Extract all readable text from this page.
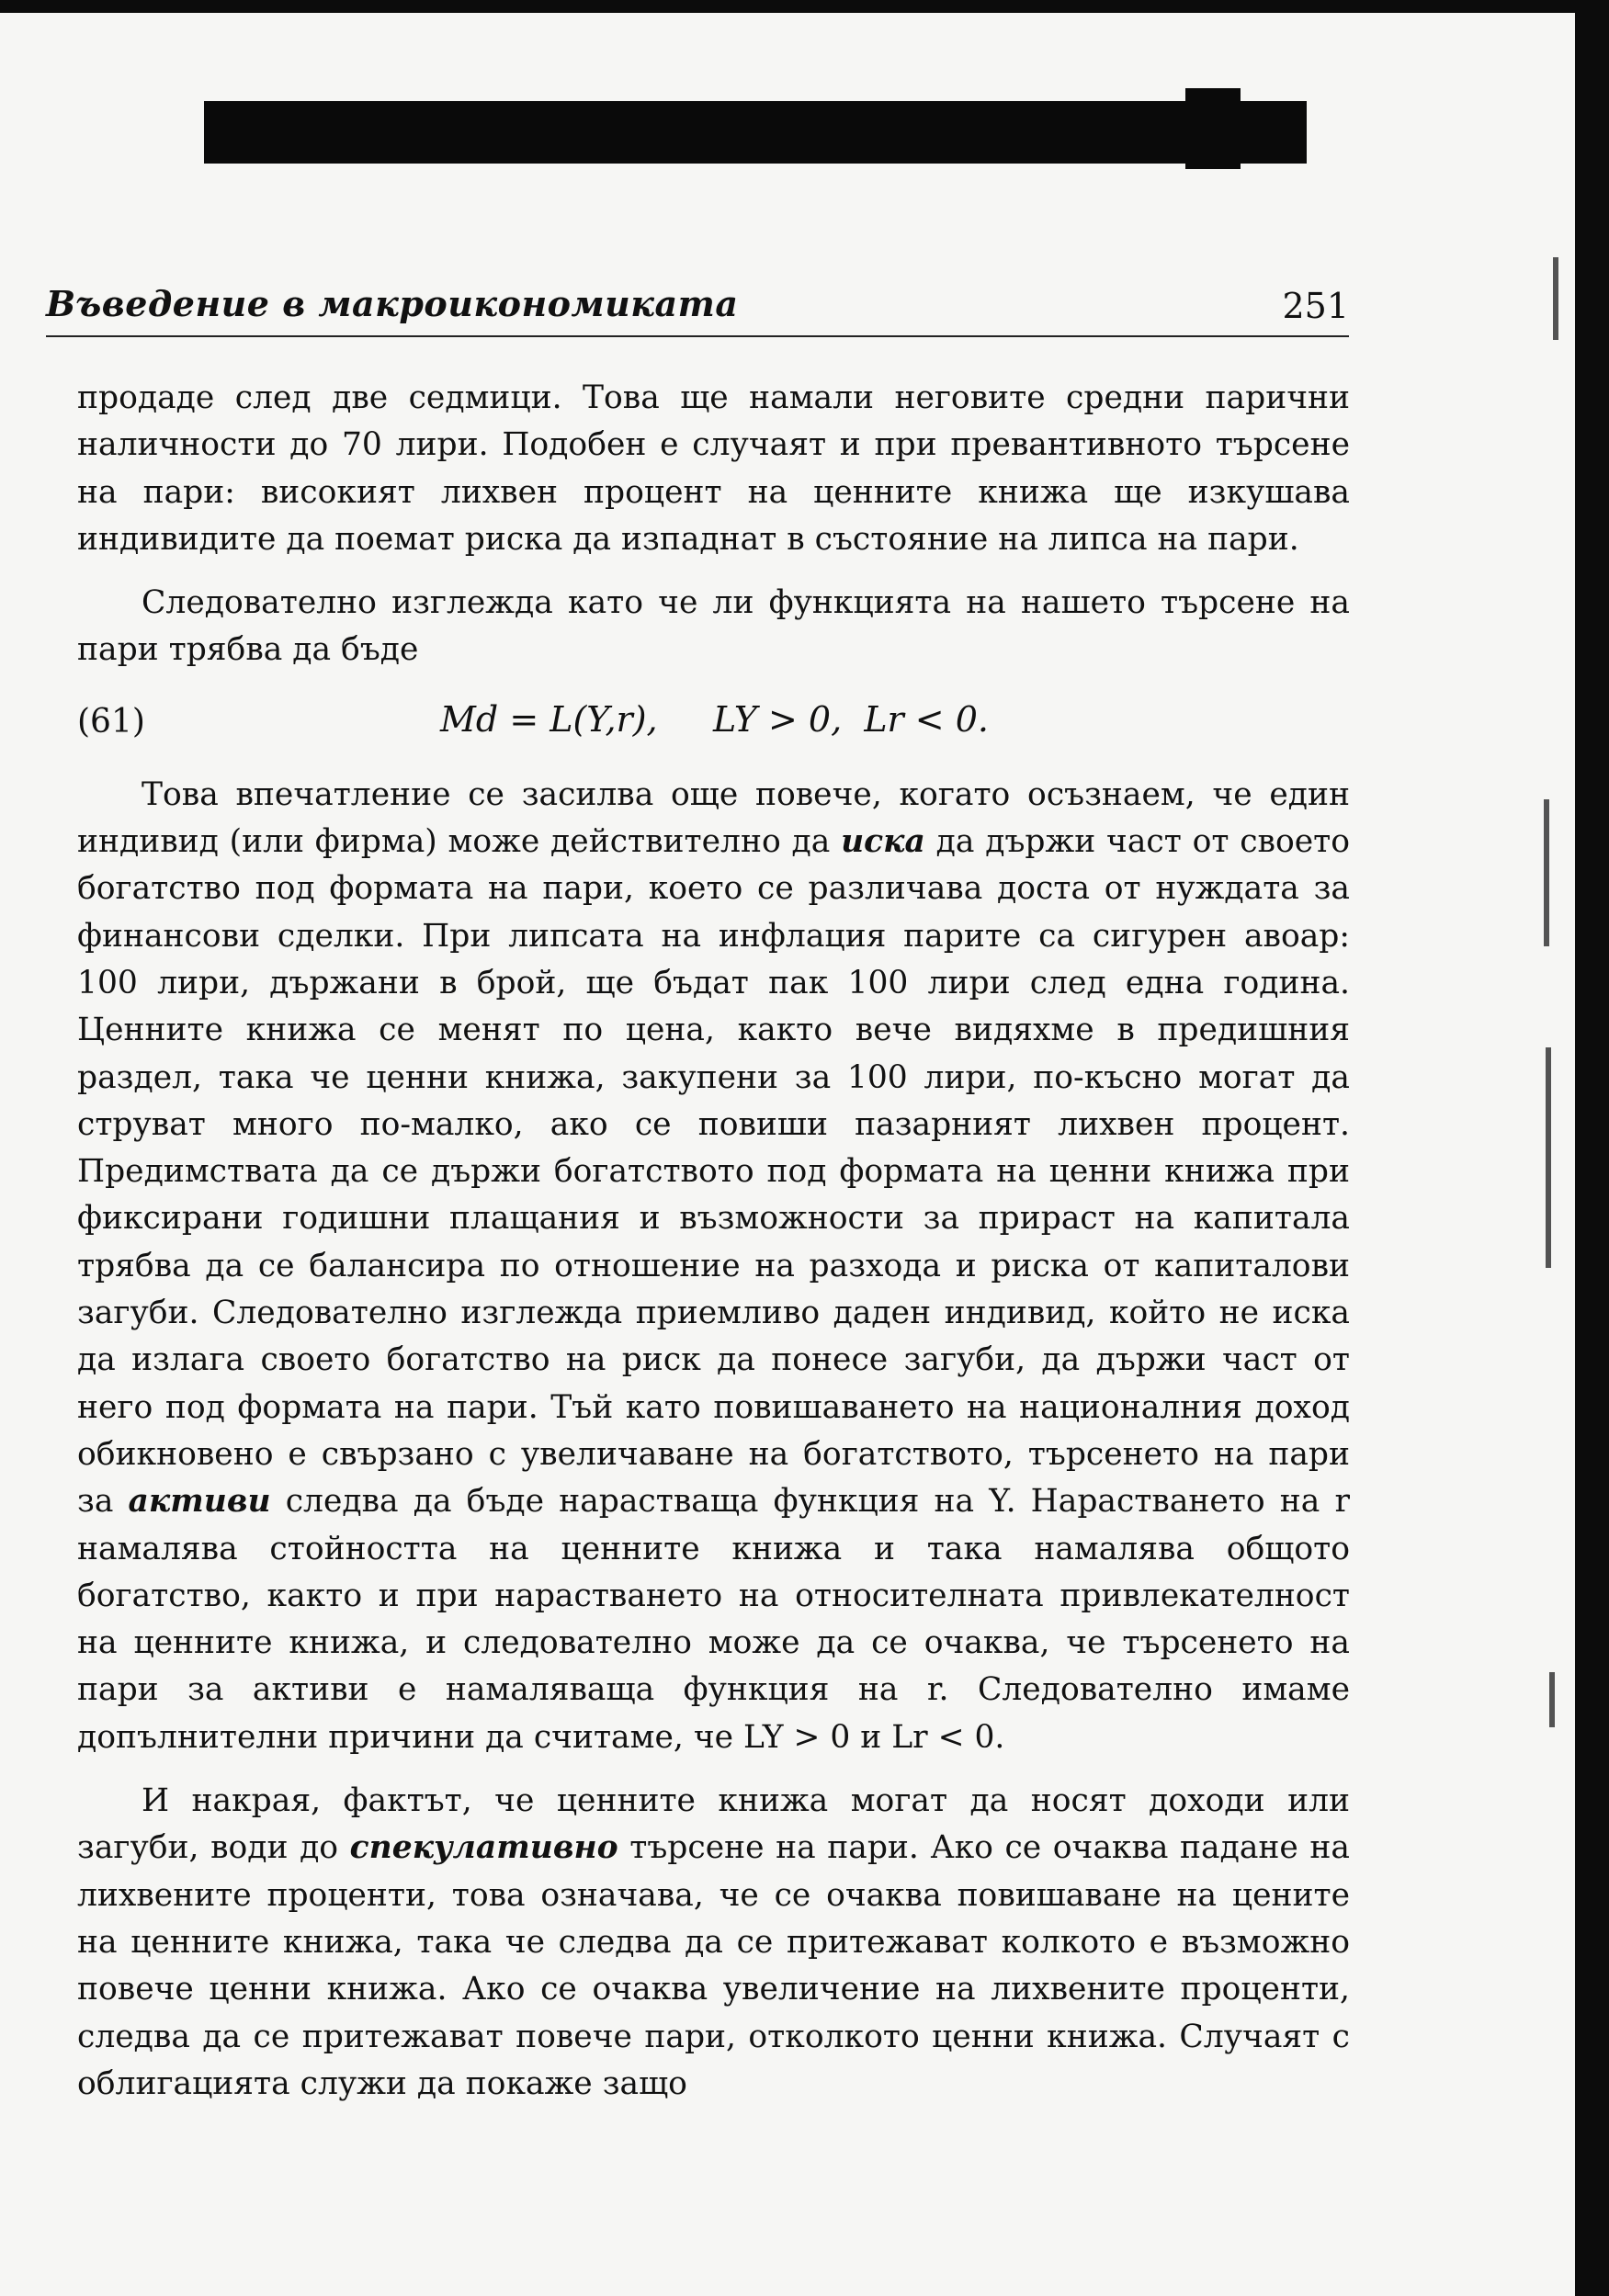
Въведение в макроикономиката	251

продаде след две седмици. Това ще намали неговите средни парични наличности до 70 лири. Подобен е случаят и при превантивното търсене на пари: високият лихвен процент на ценните книжа ще изкушава индивидите да поемат риска да изпаднат в състояние на липса на пари.

Следователно изглежда като че ли функцията на нашето търсене на пари трябва да бъде

(61)	Md = L(Y,r),     LY > 0,  Lr < 0.

Това впечатление се засилва още повече, когато осъзнаем, че един индивид (или фирма) може действително да иска да държи част от своето богатство под формата на пари, което се различава доста от нуждата за финансови сделки. При липсата на инфлация парите са сигурен авоар: 100 лири, държани в брой, ще бъдат пак 100 лири след една година. Ценните книжа се менят по цена, както вече видяхме в предишния раздел, така че ценни книжа, закупени за 100 лири, по-късно могат да струват много по-малко, ако се повиши пазарният лихвен процент. Предимствата да се държи богатството под формата на ценни книжа при фиксирани годишни плащания и възможности за прираст на капитала трябва да се балансира по отношение на разхода и риска от капиталови загуби. Следователно изглежда приемливо даден индивид, който не иска да излага своето богатство на риск да понесе загуби, да държи част от него под формата на пари. Тъй като повишаването на националния доход обикновено е свързано с увеличаване на богатството, търсенето на пари за активи следва да бъде нарастваща функция на Y. Нарастването на r намалява стойността на ценните книжа и така намалява общото богатство, както и при нарастването на относителната привлекателност на ценните книжа, и следователно може да се очаква, че търсенето на пари за активи е намаляваща функция на r. Следователно имаме допълнителни причини да считаме, че LY > 0 и Lr < 0.

И накрая, фактът, че ценните книжа могат да носят доходи или загуби, води до спекулативно търсене на пари. Ако се очаква падане на лихвените проценти, това означава, че се очаква повишаване на цените на ценните книжа, така че следва да се притежават колкото е възможно повече ценни книжа. Ако се очаква увеличение на лихвените проценти, следва да се притежават повече пари, отколкото ценни книжа. Случаят с облигацията служи да покаже защо
